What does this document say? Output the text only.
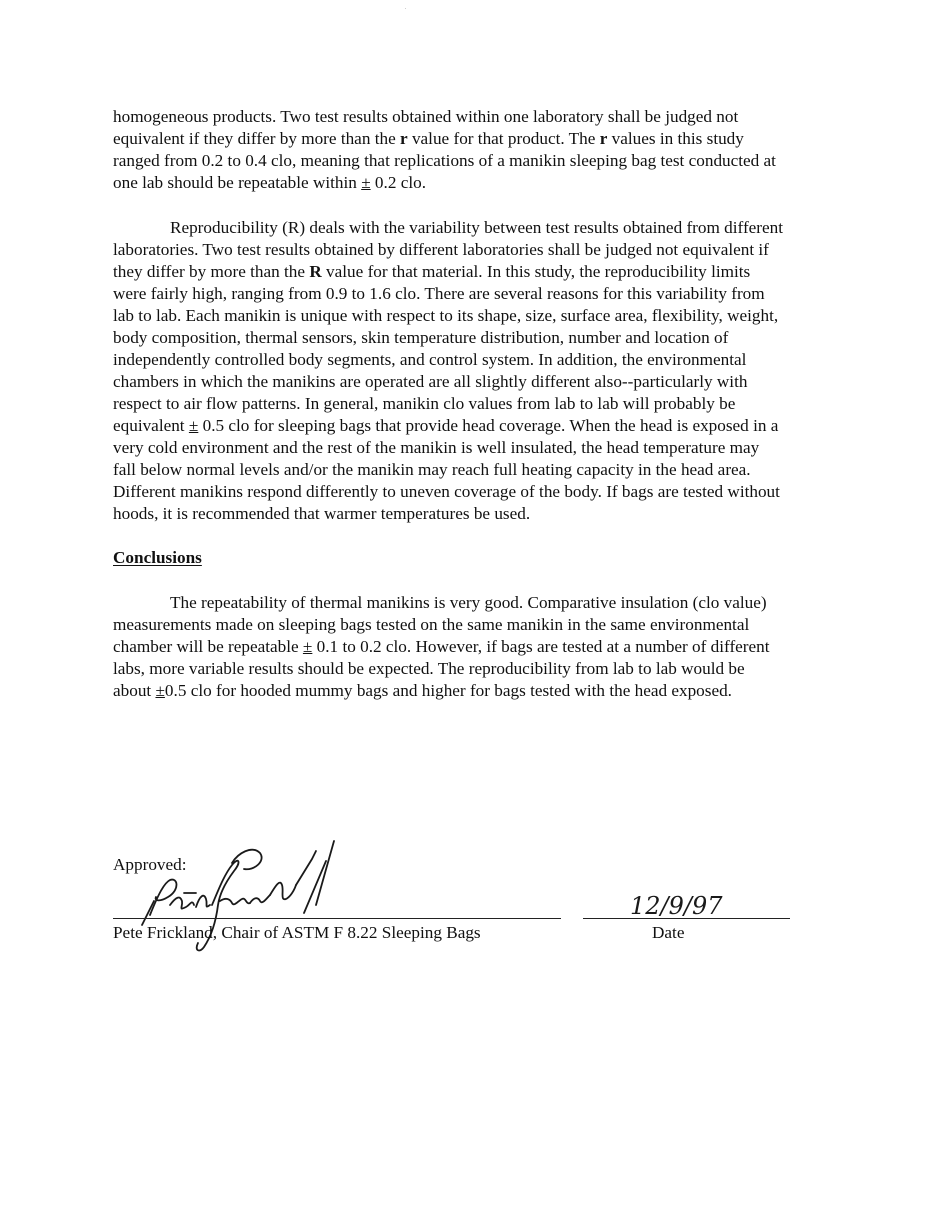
homogeneous products. Two test results obtained within one laboratory shall be judged not
equivalent if they differ by more than the r value for that product. The r values in this study
ranged from 0.2 to 0.4 clo, meaning that replications of a manikin sleeping bag test conducted at
one lab should be repeatable within ± 0.2 clo.
Reproducibility (R) deals with the variability between test results obtained from different
laboratories. Two test results obtained by different laboratories shall be judged not equivalent if
they differ by more than the R value for that material. In this study, the reproducibility limits
were fairly high, ranging from 0.9 to 1.6 clo. There are several reasons for this variability from
lab to lab. Each manikin is unique with respect to its shape, size, surface area, flexibility, weight,
body composition, thermal sensors, skin temperature distribution, number and location of
independently controlled body segments, and control system. In addition, the environmental
chambers in which the manikins are operated are all slightly different also--particularly with
respect to air flow patterns. In general, manikin clo values from lab to lab will probably be
equivalent ± 0.5 clo for sleeping bags that provide head coverage. When the head is exposed in a
very cold environment and the rest of the manikin is well insulated, the head temperature may
fall below normal levels and/or the manikin may reach full heating capacity in the head area.
Different manikins respond differently to uneven coverage of the body. If bags are tested without
hoods, it is recommended that warmer temperatures be used.
Conclusions
The repeatability of thermal manikins is very good. Comparative insulation (clo value)
measurements made on sleeping bags tested on the same manikin in the same environmental
chamber will be repeatable ± 0.1 to 0.2 clo. However, if bags are tested at a number of different
labs, more variable results should be expected. The reproducibility from lab to lab would be
about ±0.5 clo for hooded mummy bags and higher for bags tested with the head exposed.
Approved:
Pete Frickland, Chair of ASTM F 8.22 Sleeping Bags
12/9/97
Date
